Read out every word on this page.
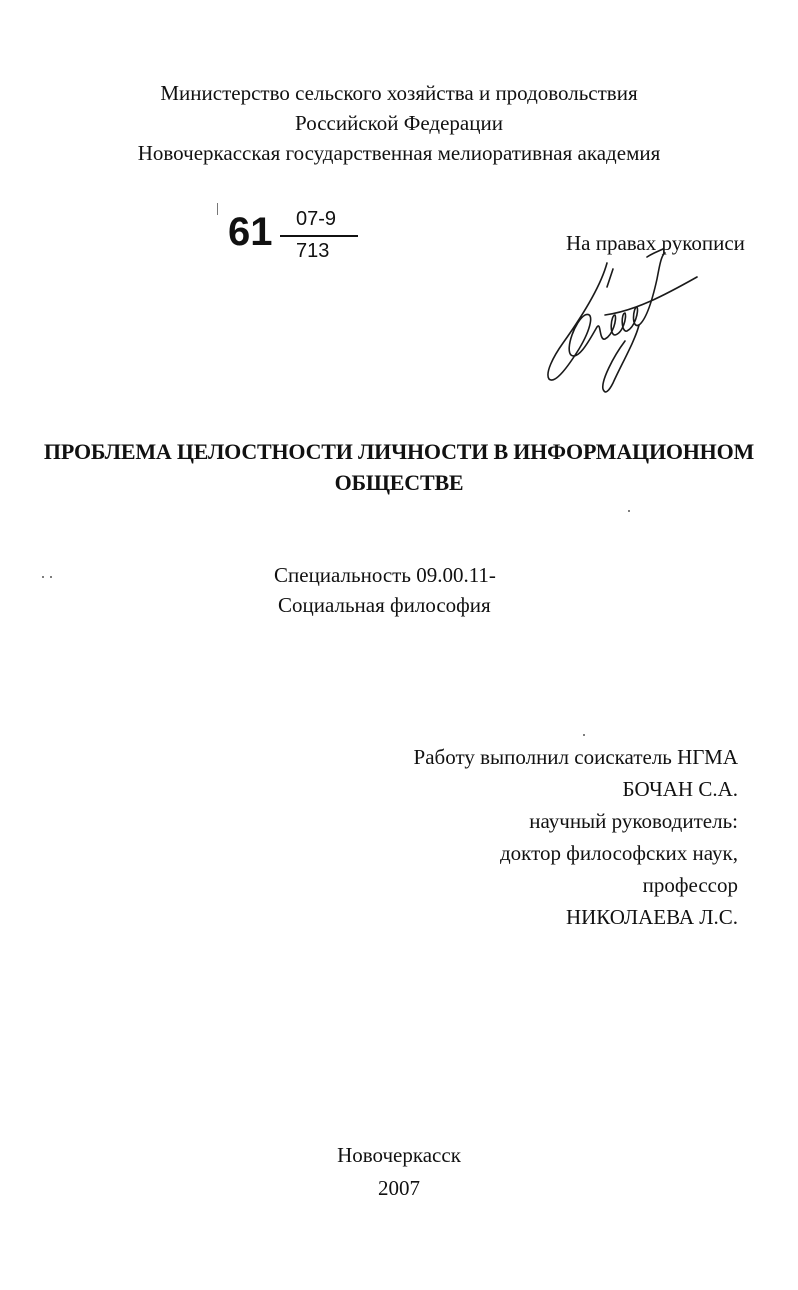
Министерство сельского хозяйства и продовольствия
Российской Федерации
Новочеркасская государственная мелиоративная академия
61 07-9
713	На правах рукописи
ПРОБЛЕМА ЦЕЛОСТНОСТИ ЛИЧНОСТИ В ИНФОРМАЦИОННОМ
ОБЩЕСТВЕ
Специальность 09.00.11-
Социальная философия
Работу выполнил соискатель НГМА
БОЧАН С.А.
научный руководитель:
доктор философских наук,
профессор
НИКОЛАЕВА Л.С.
Новочеркасск
2007
